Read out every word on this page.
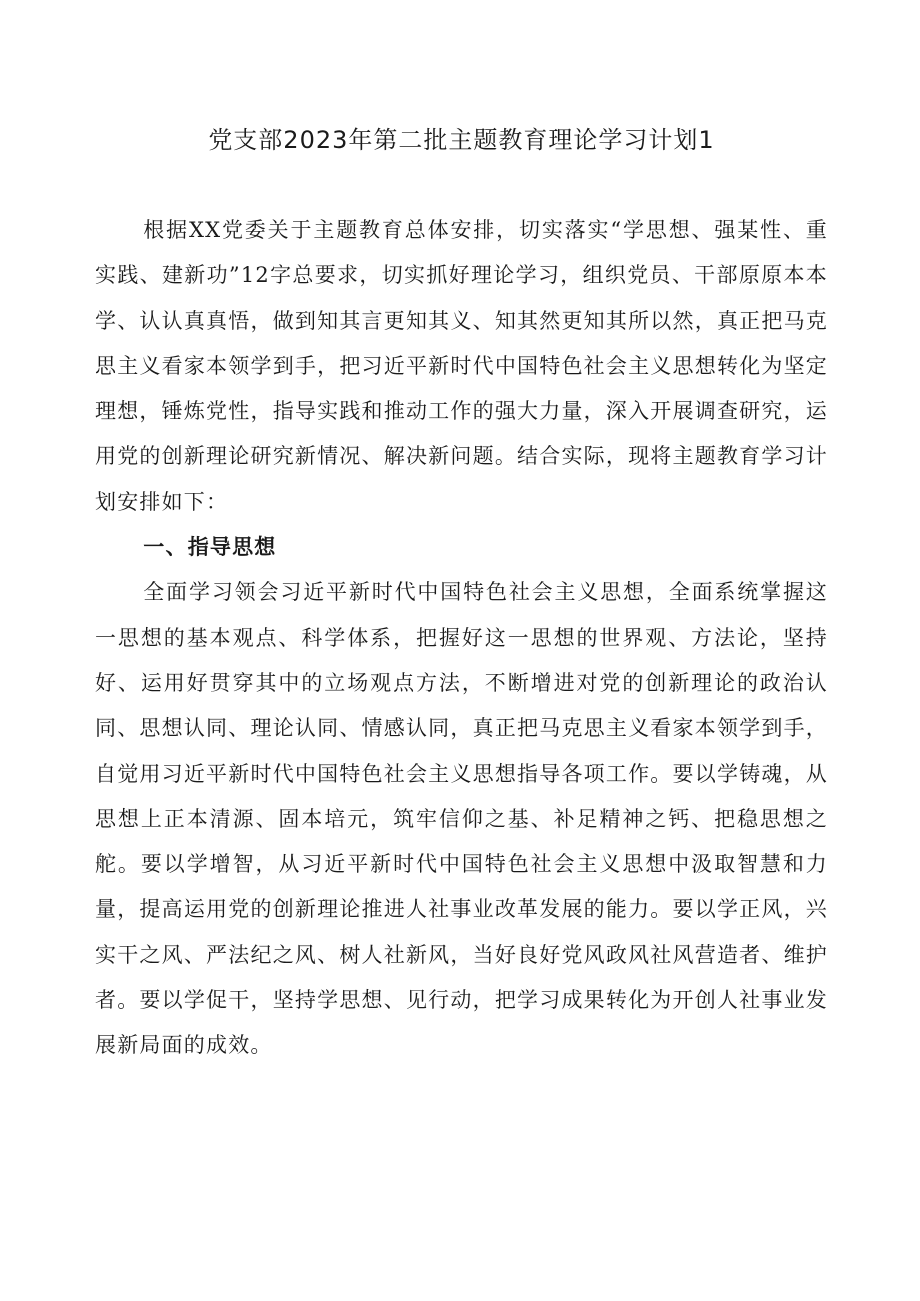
党支部2023年第二批主题教育理论学习计划1

根据XX党委关于主题教育总体安排，切实落实“学思想、强某性、重实践、建新功”12字总要求，切实抓好理论学习，组织党员、干部原原本本学、认认真真悟，做到知其言更知其义、知其然更知其所以然，真正把马克思主义看家本领学到手，把习近平新时代中国特色社会主义思想转化为坚定理想，锤炼党性，指导实践和推动工作的强大力量，深入开展调查研究，运用党的创新理论研究新情况、解决新问题。结合实际，现将主题教育学习计划安排如下：

一、指导思想

全面学习领会习近平新时代中国特色社会主义思想，全面系统掌握这一思想的基本观点、科学体系，把握好这一思想的世界观、方法论，坚持好、运用好贯穿其中的立场观点方法，不断增进对党的创新理论的政治认同、思想认同、理论认同、情感认同，真正把马克思主义看家本领学到手，自觉用习近平新时代中国特色社会主义思想指导各项工作。要以学铸魂，从思想上正本清源、固本培元，筑牢信仰之基、补足精神之钙、把稳思想之舵。要以学增智，从习近平新时代中国特色社会主义思想中汲取智慧和力量，提高运用党的创新理论推进人社事业改革发展的能力。要以学正风，兴实干之风、严法纪之风、树人社新风，当好良好党风政风社风营造者、维护者。要以学促干，坚持学思想、见行动，把学习成果转化为开创人社事业发展新局面的成效。
